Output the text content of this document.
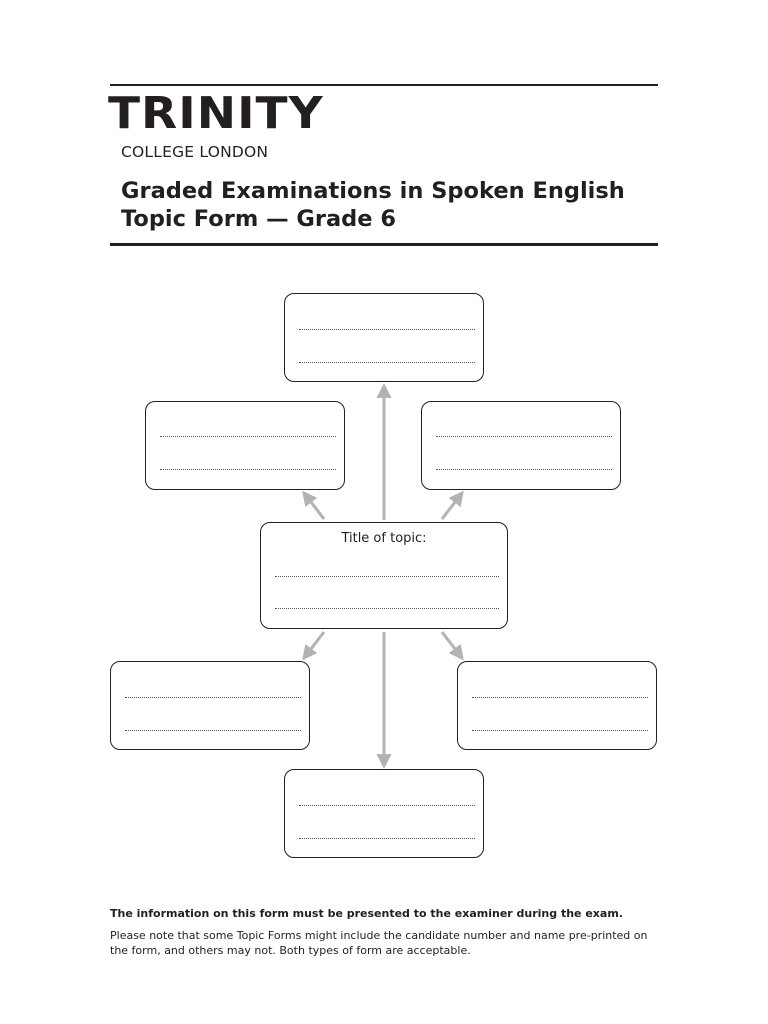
TRINITY
COLLEGE LONDON
Graded Examinations in Spoken English
Topic Form — Grade 6
Title of topic:
The information on this form must be presented to the examiner during the exam.
Please note that some Topic Forms might include the candidate number and name pre-printed on
the form, and others may not. Both types of form are acceptable.
